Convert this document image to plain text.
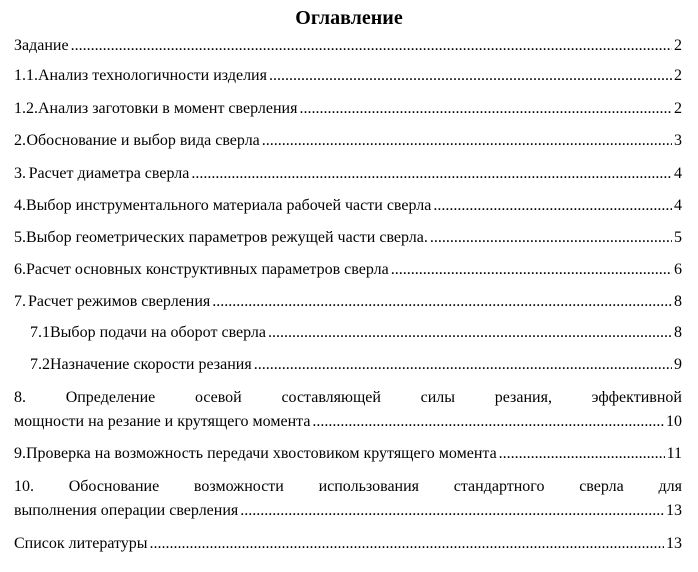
Оглавление
Задание .....	2
1.1. Анализ технологичности изделия .....	2
1.2. Анализ заготовки в момент сверления .....	2
2. Обоснование и выбор вида сверла .....	3
3. Расчет диаметра сверла .....	4
4. Выбор инструментального материала рабочей части сверла .....	4
5. Выбор геометрических параметров режущей части сверла. .....	5
6. Расчет основных конструктивных параметров сверла .....	6
7. Расчет режимов сверления .....	8
7.1 Выбор подачи на оборот сверла .....	8
7.2 Назначение скорости резания .....	9
8. Определение осевой составляющей силы резания, эффективной
мощности на резание и крутящего момента .....	10
9. Проверка на возможность передачи хвостовиком крутящего момента .....	11
10. Обоснование возможности использования стандартного сверла для
выполнения операции сверления .....	13
Список литературы .....	13
